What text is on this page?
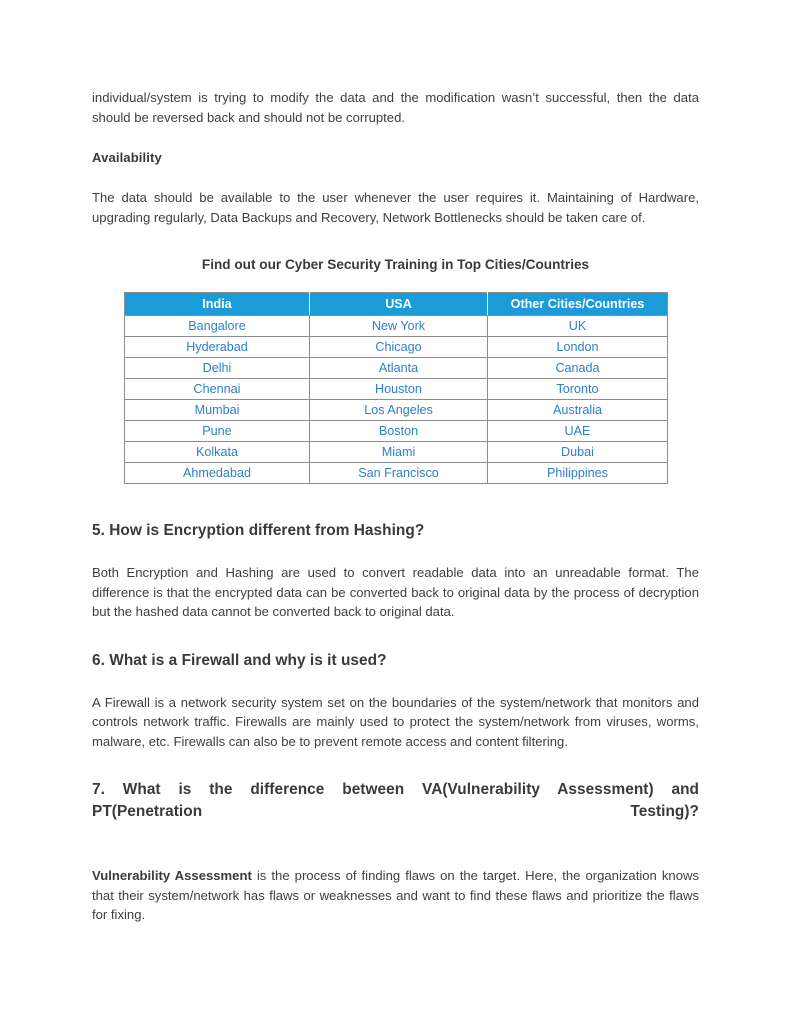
individual/system is trying to modify the data and the modification wasn’t successful, then the data should be reversed back and should not be corrupted.

Availability

The data should be available to the user whenever the user requires it. Maintaining of Hardware, upgrading regularly, Data Backups and Recovery, Network Bottlenecks should be taken care of.

Find out our Cyber Security Training in Top Cities/Countries

India	USA	Other Cities/Countries
Bangalore	New York	UK
Hyderabad	Chicago	London
Delhi	Atlanta	Canada
Chennai	Houston	Toronto
Mumbai	Los Angeles	Australia
Pune	Boston	UAE
Kolkata	Miami	Dubai
Ahmedabad	San Francisco	Philippines
5. How is Encryption different from Hashing?

Both Encryption and Hashing are used to convert readable data into an unreadable format. The difference is that the encrypted data can be converted back to original data by the process of decryption but the hashed data cannot be converted back to original data.

6. What is a Firewall and why is it used?

A Firewall is a network security system set on the boundaries of the system/network that monitors and controls network traffic. Firewalls are mainly used to protect the system/network from viruses, worms, malware, etc. Firewalls can also be to prevent remote access and content filtering.

7. What is the difference between VA(Vulnerability Assessment) and PT(Penetration Testing)?

Vulnerability Assessment is the process of finding flaws on the target. Here, the organization knows that their system/network has flaws or weaknesses and want to find these flaws and prioritize the flaws for fixing.
